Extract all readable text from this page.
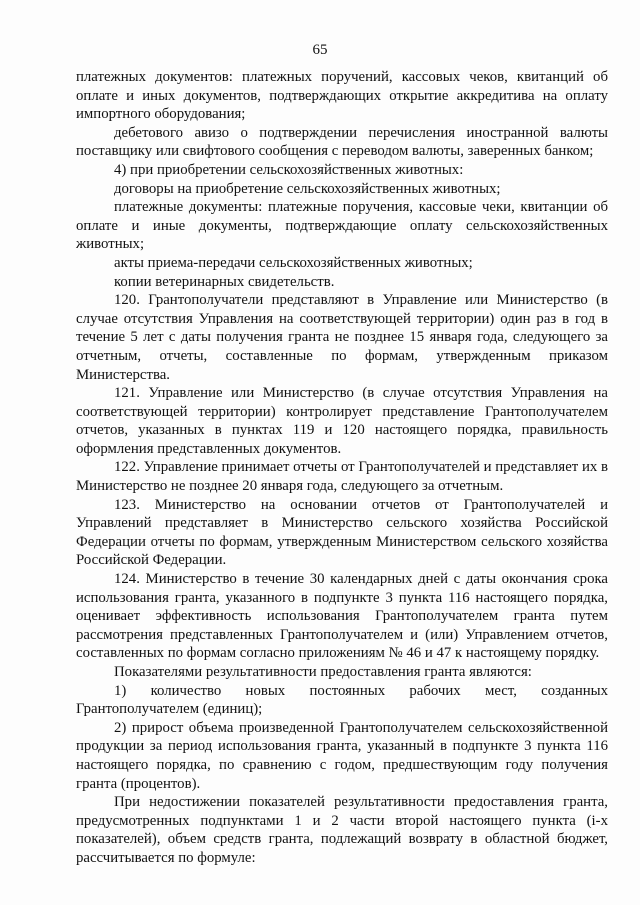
65

платежных документов: платежных поручений, кассовых чеков, квитанций об оплате и иных документов, подтверждающих открытие аккредитива на оплату импортного оборудования;

дебетового авизо о подтверждении перечисления иностранной валюты поставщику или свифтового сообщения с переводом валюты, заверенных банком;

4) при приобретении сельскохозяйственных животных:

договоры на приобретение сельскохозяйственных животных;

платежные документы: платежные поручения, кассовые чеки, квитанции об оплате и иные документы, подтверждающие оплату сельскохозяйственных животных;

акты приема-передачи сельскохозяйственных животных;

копии ветеринарных свидетельств.

120. Грантополучатели представляют в Управление или Министерство (в случае отсутствия Управления на соответствующей территории) один раз в год в течение 5 лет с даты получения гранта не позднее 15 января года, следующего за отчетным, отчеты, составленные по формам, утвержденным приказом Министерства.

121. Управление или Министерство (в случае отсутствия Управления на соответствующей территории) контролирует представление Грантополучателем отчетов, указанных в пунктах 119 и 120 настоящего порядка, правильность оформления представленных документов.

122. Управление принимает отчеты от Грантополучателей и представляет их в Министерство не позднее 20 января года, следующего за отчетным.

123. Министерство на основании отчетов от Грантополучателей и Управлений представляет в Министерство сельского хозяйства Российской Федерации отчеты по формам, утвержденным Министерством сельского хозяйства Российской Федерации.

124. Министерство в течение 30 календарных дней с даты окончания срока использования гранта, указанного в подпункте 3 пункта 116 настоящего порядка, оценивает эффективность использования Грантополучателем гранта путем рассмотрения представленных Грантополучателем и (или) Управлением отчетов, составленных по формам согласно приложениям № 46 и 47 к настоящему порядку.

Показателями результативности предоставления гранта являются:

1) количество новых постоянных рабочих мест, созданных Грантополучателем (единиц);

2) прирост объема произведенной Грантополучателем сельскохозяйственной продукции за период использования гранта, указанный в подпункте 3 пункта 116 настоящего порядка, по сравнению с годом, предшествующим году получения гранта (процентов).

При недостижении показателей результативности предоставления гранта, предусмотренных подпунктами 1 и 2 части второй настоящего пункта (i-х показателей), объем средств гранта, подлежащий возврату в областной бюджет, рассчитывается по формуле:
